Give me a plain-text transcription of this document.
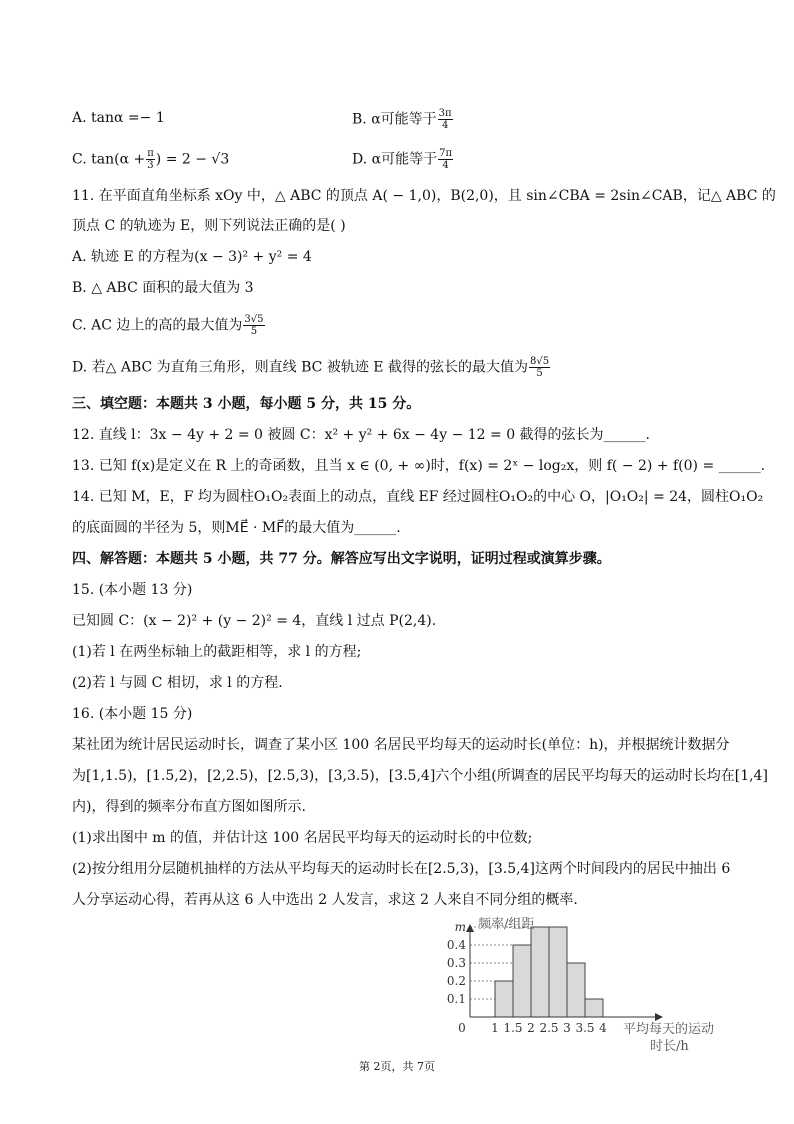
A. tanα =− 1	B. α可能等于 $\frac{3\pi}{4}$
C. $\tan(\alpha + \frac{\pi}{3}$ ) = 2 − √3	D. α可能等于 $\frac{7\pi}{4}$
11. 在平面直角坐标系 xOy 中，△ ABC 的顶点 A( − 1,0)，B(2,0)，且 sin∠CBA = 2sin∠CAB，记△ ABC 的
顶点 C 的轨迹为 E，则下列说法正确的是( )
A. 轨迹 E 的方程为(x − 3)² + y² = 4
B. △ ABC 面积的最大值为 3
C. AC 边上的高的最大值为 $\frac{3√5}{5}$
D. 若△ ABC 为直角三角形，则直线 BC 被轨迹 E 截得的弦长的最大值为 $\frac{8√5}{5}$
三、填空题：本题共 3 小题，每小题 5 分，共 15 分。
12. 直线 l：3x − 4y + 2 = 0 被圆 C：x² + y² + 6x − 4y − 12 = 0 截得的弦长为______.
13. 已知 f(x)是定义在 R 上的奇函数，且当 x ∈ (0, + ∞)时，f(x) = 2ˣ − log₂x，则 f( − 2) + f(0) = ______.
14. 已知 M，E，F 均为圆柱O₁O₂表面上的动点，直线 EF 经过圆柱O₁O₂的中心 O，|O₁O₂| = 24，圆柱O₁O₂
的底面圆的半径为 5，则ME⃗ · MF⃗的最大值为______.
四、解答题：本题共 5 小题，共 77 分。解答应写出文字说明，证明过程或演算步骤。
15. (本小题 13 分)
已知圆 C：(x − 2)² + (y − 2)² = 4，直线 l 过点 P(2,4).
(1)若 l 在两坐标轴上的截距相等，求 l 的方程;
(2)若 l 与圆 C 相切，求 l 的方程.
16. (本小题 15 分)
某社团为统计居民运动时长，调查了某小区 100 名居民平均每天的运动时长(单位：h)，并根据统计数据分
为[1,1.5)，[1.5,2)，[2,2.5)，[2.5,3)，[3,3.5)，[3.5,4]六个小组(所调查的居民平均每天的运动时长均在[1,4]
内)，得到的频率分布直方图如图所示.
(1)求出图中 m 的值，并估计这 100 名居民平均每天的运动时长的中位数;
(2)按分组用分层随机抽样的方法从平均每天的运动时长在[2.5,3)，[3.5,4]这两个时间段内的居民中抽出 6
人分享运动心得，若再从这 6 人中选出 2 人发言，求这 2 人来自不同分组的概率.
频率/组距
0 1 1.5 2 2.5 3 3.5 4
0.1
0.2
0.3
0.4
m
平均每天的运动
时长/h
第 2页，共 7页
